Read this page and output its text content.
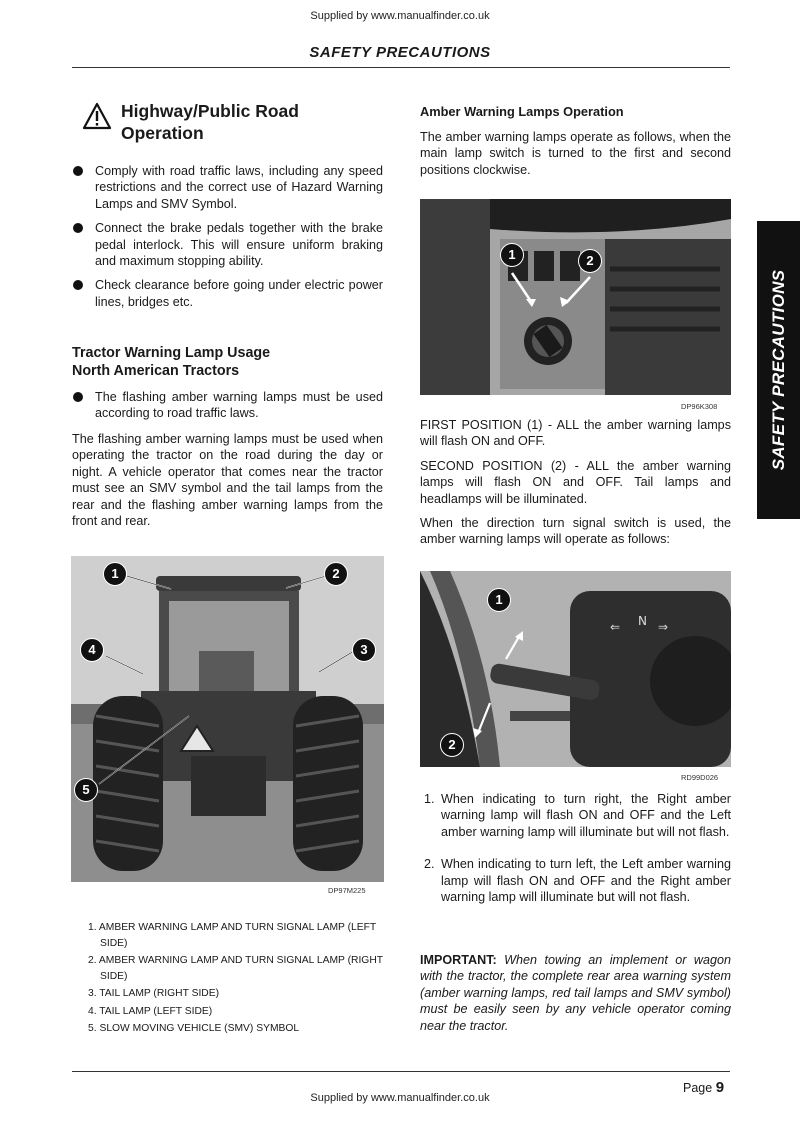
Supplied by www.manualfinder.co.uk
SAFETY PRECAUTIONS
SAFETY PRECAUTIONS
Highway/Public Road
Operation
Comply with road traffic laws, including any speed restrictions and the correct use of Hazard Warning Lamps and SMV Symbol.
Connect the brake pedals together with the brake pedal interlock. This will ensure uniform braking and maximum stopping ability.
Check clearance before going under electric power lines, bridges etc.
Tractor Warning Lamp Usage
North American Tractors
The flashing amber warning lamps must be used according to road traffic laws.

The flashing amber warning lamps must be used when operating the tractor on the road during the day or night. A vehicle operator that comes near the tractor must see an SMV symbol and the tail lamps from the rear and the flashing amber warning lamps from the front and rear.

1	2
3
4
5
DP97M225
1. AMBER WARNING LAMP AND TURN SIGNAL LAMP (LEFT SIDE)
2. AMBER WARNING LAMP AND TURN SIGNAL LAMP (RIGHT SIDE)
3. TAIL LAMP (RIGHT SIDE)
4. TAIL LAMP (LEFT SIDE)
5. SLOW MOVING VEHICLE (SMV) SYMBOL
Amber Warning Lamps Operation

The amber warning lamps operate as follows, when the main lamp switch is turned to the first and second positions clockwise.

1	2
DP96K308

FIRST POSITION (1) - ALL the amber warning lamps will flash ON and OFF.

SECOND POSITION (2) - ALL the amber warning lamps will flash ON and OFF. Tail lamps and headlamps will be illuminated.

When the direction turn signal switch is used, the amber warning lamps will operate as follows:

⇐ N ⇒
1
2
RD99D026
1. When indicating to turn right, the Right amber warning lamp will flash ON and OFF and the Left amber warning lamp will illuminate but will not flash.
2. When indicating to turn left, the Left amber warning lamp will flash ON and OFF and the Right amber warning lamp will illuminate but will not flash.

IMPORTANT: When towing an implement or wagon with the tractor, the complete rear area warning system (amber warning lamps, red tail lamps and SMV symbol) must be easily seen by any vehicle operator coming near the tractor.

Page 9
Supplied by www.manualfinder.co.uk
